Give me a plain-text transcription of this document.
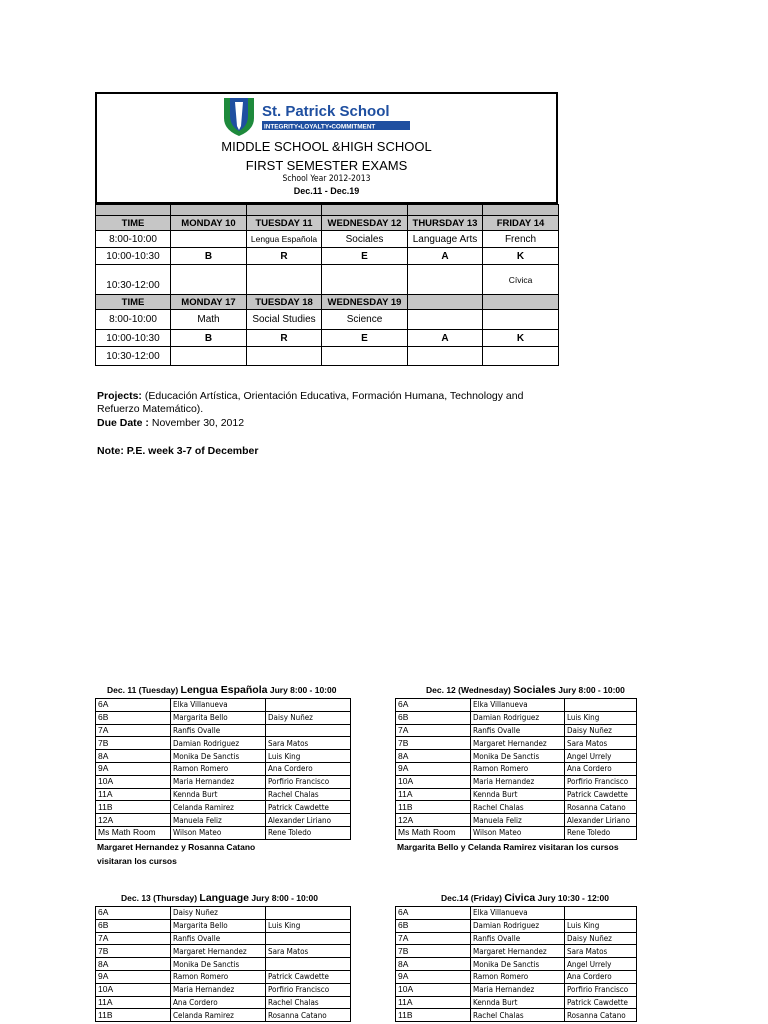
St. Patrick School
INTEGRITY•LOYALTY•COMMITMENT
MIDDLE SCHOOL &HIGH SCHOOL
FIRST SEMESTER EXAMS
School Year 2012-2013
Dec.11 - Dec.19

TIME	MONDAY 10	TUESDAY 11	WEDNESDAY 12	THURSDAY 13	FRIDAY 14
8:00-10:00		Lengua Española	Sociales	Language Arts	French
10:00-10:30	B	R	E	A	K
10:30-12:00					Cívica
TIME	MONDAY 17	TUESDAY 18	WEDNESDAY 19		
8:00-10:00	Math	Social Studies	Science		
10:00-10:30	B	R	E	A	K
10:30-12:00					
Projects: (Educación Artística, Orientación Educativa, Formación Humana, Technology and Refuerzo Matemático).
Due Date : November 30, 2012
Note: P.E. week 3-7 of December
Dec. 11 (Tuesday) Lengua Española Jury 8:00 - 10:00
6A	Elka Villanueva	
6B	Margarita Bello	Daisy Nuñez
7A	Ranfis Ovalle	
7B	Damian Rodriguez	Sara Matos
8A	Monika De Sanctis	Luis King
9A	Ramon Romero	Ana Cordero
10A	Maria Hernandez	Porfirio Francisco
11A	Kennda Burt	Rachel Chalas
11B	Celanda Ramirez	Patrick Cawdette
12A	Manuela Feliz	Alexander Liriano
Ms Math Room	Wilson Mateo	Rene Toledo
Margaret Hernandez y Rosanna Catano
visitaran los cursos
Dec. 12 (Wednesday) Sociales Jury 8:00 - 10:00
6A	Elka Villanueva	
6B	Damian Rodriguez	Luis King
7A	Ranfis Ovalle	Daisy Nuñez
7B	Margaret Hernandez	Sara Matos
8A	Monika De Sanctis	Angel Urrely
9A	Ramon Romero	Ana Cordero
10A	Maria Hernandez	Porfirio Francisco
11A	Kennda Burt	Patrick Cawdette
11B	Rachel Chalas	Rosanna Catano
12A	Manuela Feliz	Alexander Liriano
Ms Math Room	Wilson Mateo	Rene Toledo
Margarita Bello y Celanda Ramirez visitaran los cursos
Dec. 13 (Thursday) Language Jury 8:00 - 10:00
6A	Daisy Nuñez	
6B	Margarita Bello	Luis King
7A	Ranfis Ovalle	
7B	Margaret Hernandez	Sara Matos
8A	Monika De Sanctis	
9A	Ramon Romero	Patrick Cawdette
10A	Maria Hernandez	Porfirio Francisco
11A	Ana Cordero	Rachel Chalas
11B	Celanda Ramirez	Rosanna Catano
Dec.14 (Friday) Civica Jury 10:30 - 12:00
6A	Elka Villanueva	
6B	Damian Rodriguez	Luis King
7A	Ranfis Ovalle	Daisy Nuñez
7B	Margaret Hernandez	Sara Matos
8A	Monika De Sanctis	Angel Urrely
9A	Ramon Romero	Ana Cordero
10A	Maria Hernandez	Porfirio Francisco
11A	Kennda Burt	Patrick Cawdette
11B	Rachel Chalas	Rosanna Catano
